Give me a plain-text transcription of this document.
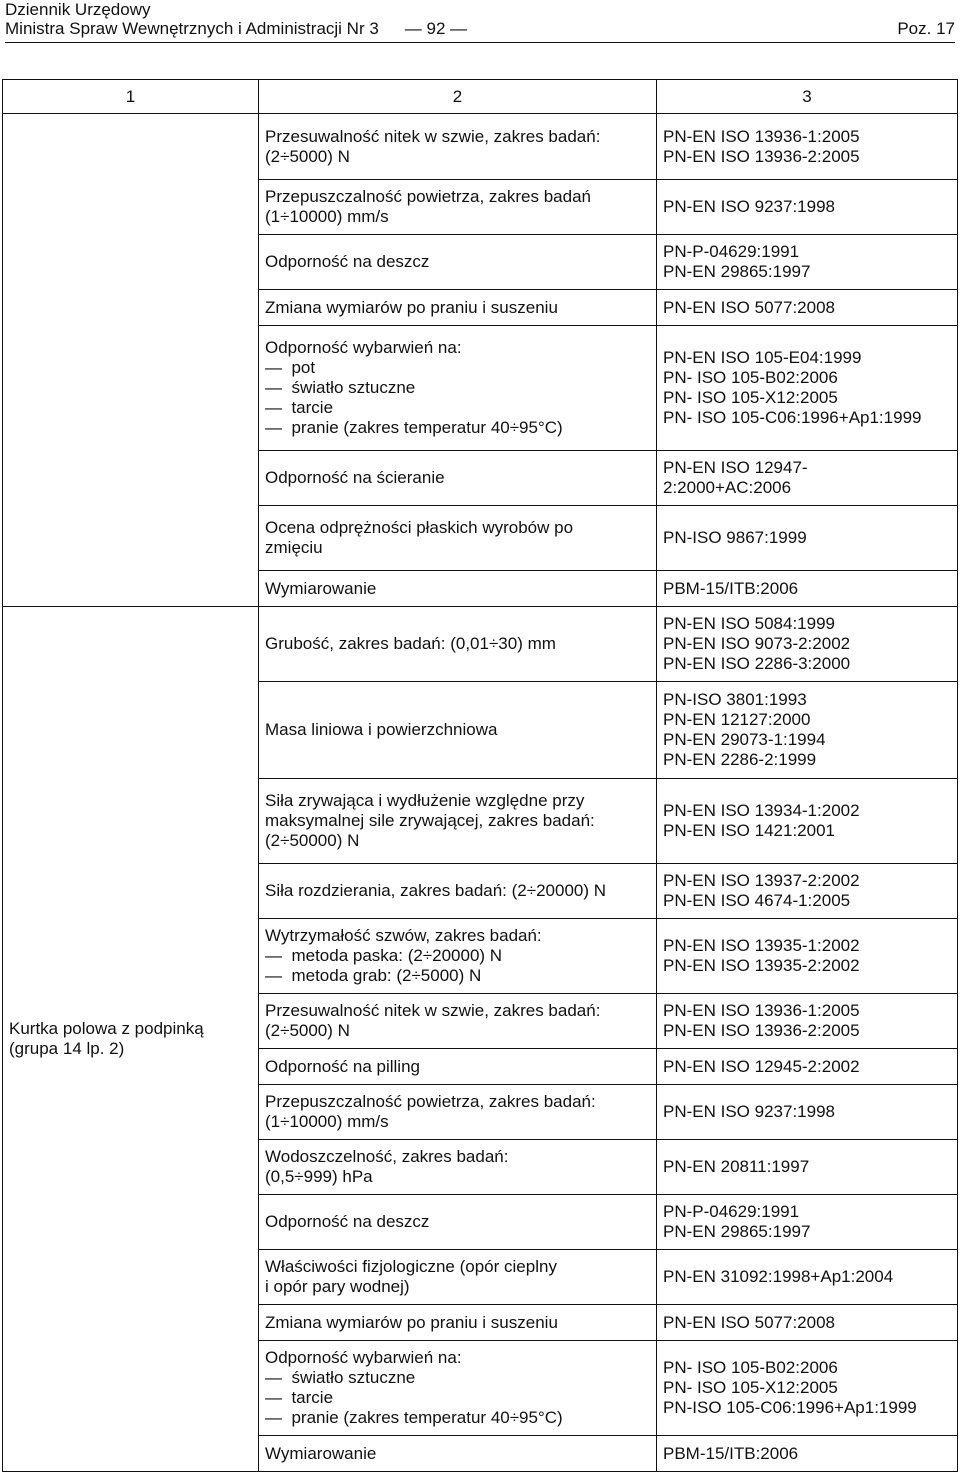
Dziennik Urzędowy
Ministra Spraw Wewnętrznych i Administracji Nr 3 — 92 —	Poz. 17
1	2	3

	Przesuwalność nitek w szwie, zakres badań:
(2÷5000) N	PN-EN ISO 13936-1:2005
PN-EN ISO 13936-2:2005

	Przepuszczalność powietrza, zakres badań
(1÷10000) mm/s	PN-EN ISO 9237:1998

	Odporność na deszcz	PN-P-04629:1991
PN-EN 29865:1997

	Zmiana wymiarów po praniu i suszeniu	PN-EN ISO 5077:2008

	Odporność wybarwień na:
—  pot
—  światło sztuczne
—  tarcie
—  pranie (zakres temperatur 40÷95°C)	PN-EN ISO 105-E04:1999
PN- ISO 105-B02:2006
PN- ISO 105-X12:2005
PN- ISO 105-C06:1996+Ap1:1999

	Odporność na ścieranie	PN-EN ISO 12947-
2:2000+AC:2006

	Ocena odprężności płaskich wyrobów po
zmięciu	PN-ISO 9867:1999

	Wymiarowanie	PBM-15/ITB:2006

Kurtka polowa z podpinką
(grupa 14 lp. 2)	Grubość, zakres badań: (0,01÷30) mm	PN-EN ISO 5084:1999
PN-EN ISO 9073-2:2002
PN-EN ISO 2286-3:2000

	Masa liniowa i powierzchniowa	PN-ISO 3801:1993
PN-EN 12127:2000
PN-EN 29073-1:1994
PN-EN 2286-2:1999

	Siła zrywająca i wydłużenie względne przy
maksymalnej sile zrywającej, zakres badań:
(2÷50000) N	PN-EN ISO 13934-1:2002
PN-EN ISO 1421:2001

	Siła rozdzierania, zakres badań: (2÷20000) N	PN-EN ISO 13937-2:2002
PN-EN ISO 4674-1:2005

	Wytrzymałość szwów, zakres badań:
—  metoda paska: (2÷20000) N
—  metoda grab: (2÷5000) N	PN-EN ISO 13935-1:2002
PN-EN ISO 13935-2:2002

	Przesuwalność nitek w szwie, zakres badań:
(2÷5000) N	PN-EN ISO 13936-1:2005
PN-EN ISO 13936-2:2005

	Odporność na pilling	PN-EN ISO 12945-2:2002

	Przepuszczalność powietrza, zakres badań:
(1÷10000) mm/s	PN-EN ISO 9237:1998

	Wodoszczelność, zakres badań:
(0,5÷999) hPa	PN-EN 20811:1997

	Odporność na deszcz	PN-P-04629:1991
PN-EN 29865:1997

	Właściwości fizjologiczne (opór cieplny
i opór pary wodnej)	PN-EN 31092:1998+Ap1:2004

	Zmiana wymiarów po praniu i suszeniu	PN-EN ISO 5077:2008

	Odporność wybarwień na:
—  światło sztuczne
—  tarcie
—  pranie (zakres temperatur 40÷95°C)	PN- ISO 105-B02:2006
PN- ISO 105-X12:2005
PN-ISO 105-C06:1996+Ap1:1999

	Wymiarowanie	PBM-15/ITB:2006
